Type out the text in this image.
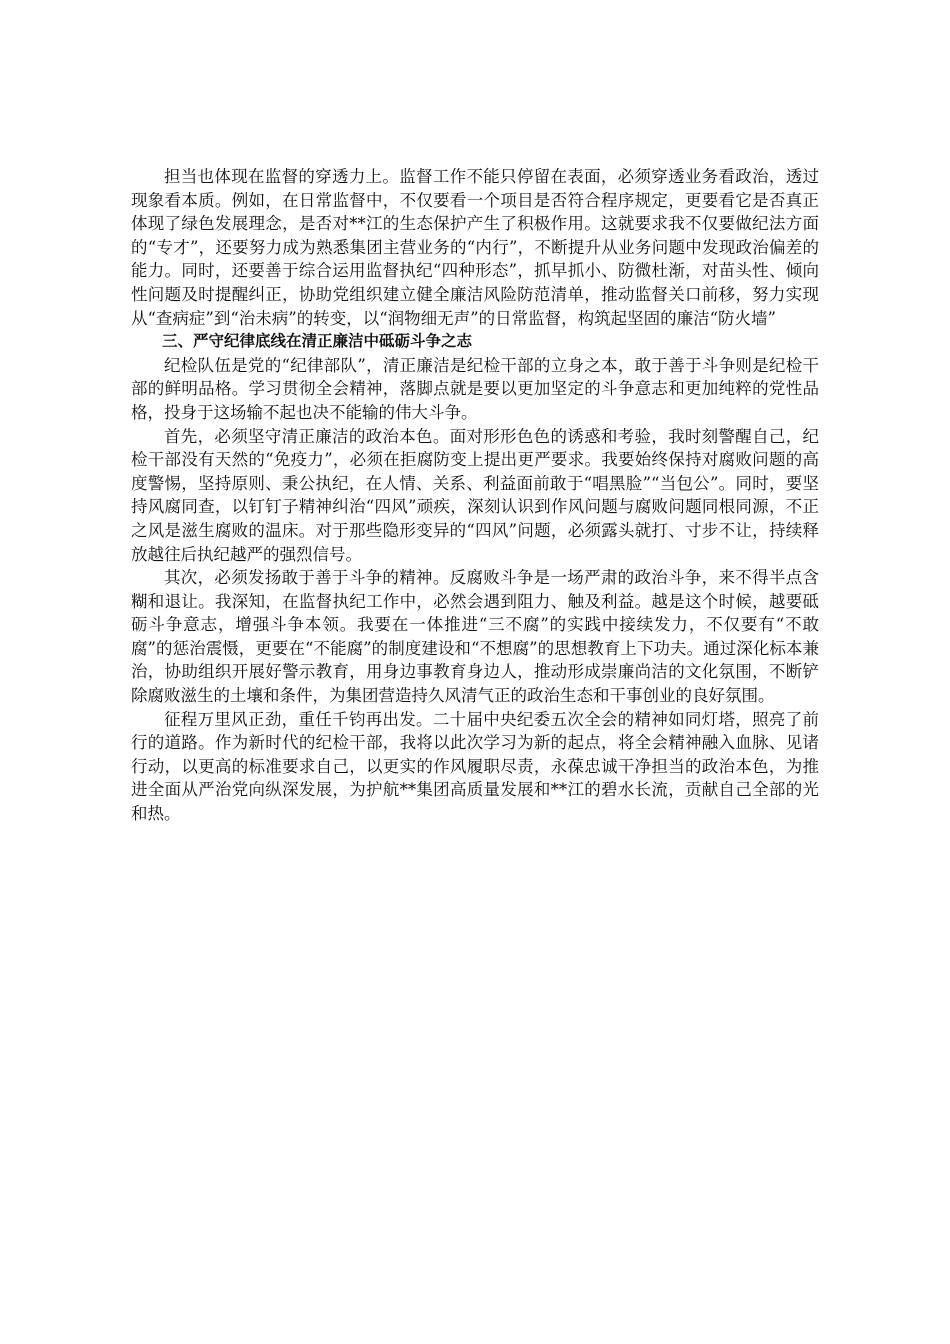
担当也体现在监督的穿透力上。监督工作不能只停留在表面，必须穿透业务看政治，透过现象看本质。例如，在日常监督中，不仅要看一个项目是否符合程序规定，更要看它是否真正体现了绿色发展理念，是否对**江的生态保护产生了积极作用。这就要求我不仅要做纪法方面的“专才”，还要努力成为熟悉集团主营业务的“内行”，不断提升从业务问题中发现政治偏差的能力。同时，还要善于综合运用监督执纪“四种形态”，抓早抓小、防微杜渐，对苗头性、倾向性问题及时提醒纠正，协助党组织建立健全廉洁风险防范清单，推动监督关口前移，努力实现从“查病症”到“治未病”的转变，以“润物细无声”的日常监督，构筑起坚固的廉洁“防火墙”

三、严守纪律底线在清正廉洁中砥砺斗争之志

纪检队伍是党的“纪律部队”，清正廉洁是纪检干部的立身之本，敢于善于斗争则是纪检干部的鲜明品格。学习贯彻全会精神，落脚点就是要以更加坚定的斗争意志和更加纯粹的党性品格，投身于这场输不起也决不能输的伟大斗争。

首先，必须坚守清正廉洁的政治本色。面对形形色色的诱惑和考验，我时刻警醒自己，纪检干部没有天然的“免疫力”，必须在拒腐防变上提出更严要求。我要始终保持对腐败问题的高度警惕，坚持原则、秉公执纪，在人情、关系、利益面前敢于“唱黑脸”“当包公”。同时，要坚持风腐同查，以钉钉子精神纠治“四风”顽疾，深刻认识到作风问题与腐败问题同根同源，不正之风是滋生腐败的温床。对于那些隐形变异的“四风”问题，必须露头就打、寸步不让，持续释放越往后执纪越严的强烈信号。

其次，必须发扬敢于善于斗争的精神。反腐败斗争是一场严肃的政治斗争，来不得半点含糊和退让。我深知，在监督执纪工作中，必然会遇到阻力、触及利益。越是这个时候，越要砥砺斗争意志，增强斗争本领。我要在一体推进“三不腐”的实践中接续发力，不仅要有“不敢腐”的惩治震慑，更要在“不能腐”的制度建设和“不想腐”的思想教育上下功夫。通过深化标本兼治，协助组织开展好警示教育，用身边事教育身边人，推动形成崇廉尚洁的文化氛围，不断铲除腐败滋生的土壤和条件，为集团营造持久风清气正的政治生态和干事创业的良好氛围。

征程万里风正劲，重任千钧再出发。二十届中央纪委五次全会的精神如同灯塔，照亮了前行的道路。作为新时代的纪检干部，我将以此次学习为新的起点，将全会精神融入血脉、见诸行动，以更高的标准要求自己，以更实的作风履职尽责，永葆忠诚干净担当的政治本色，为推进全面从严治党向纵深发展，为护航**集团高质量发展和**江的碧水长流，贡献自己全部的光和热。
